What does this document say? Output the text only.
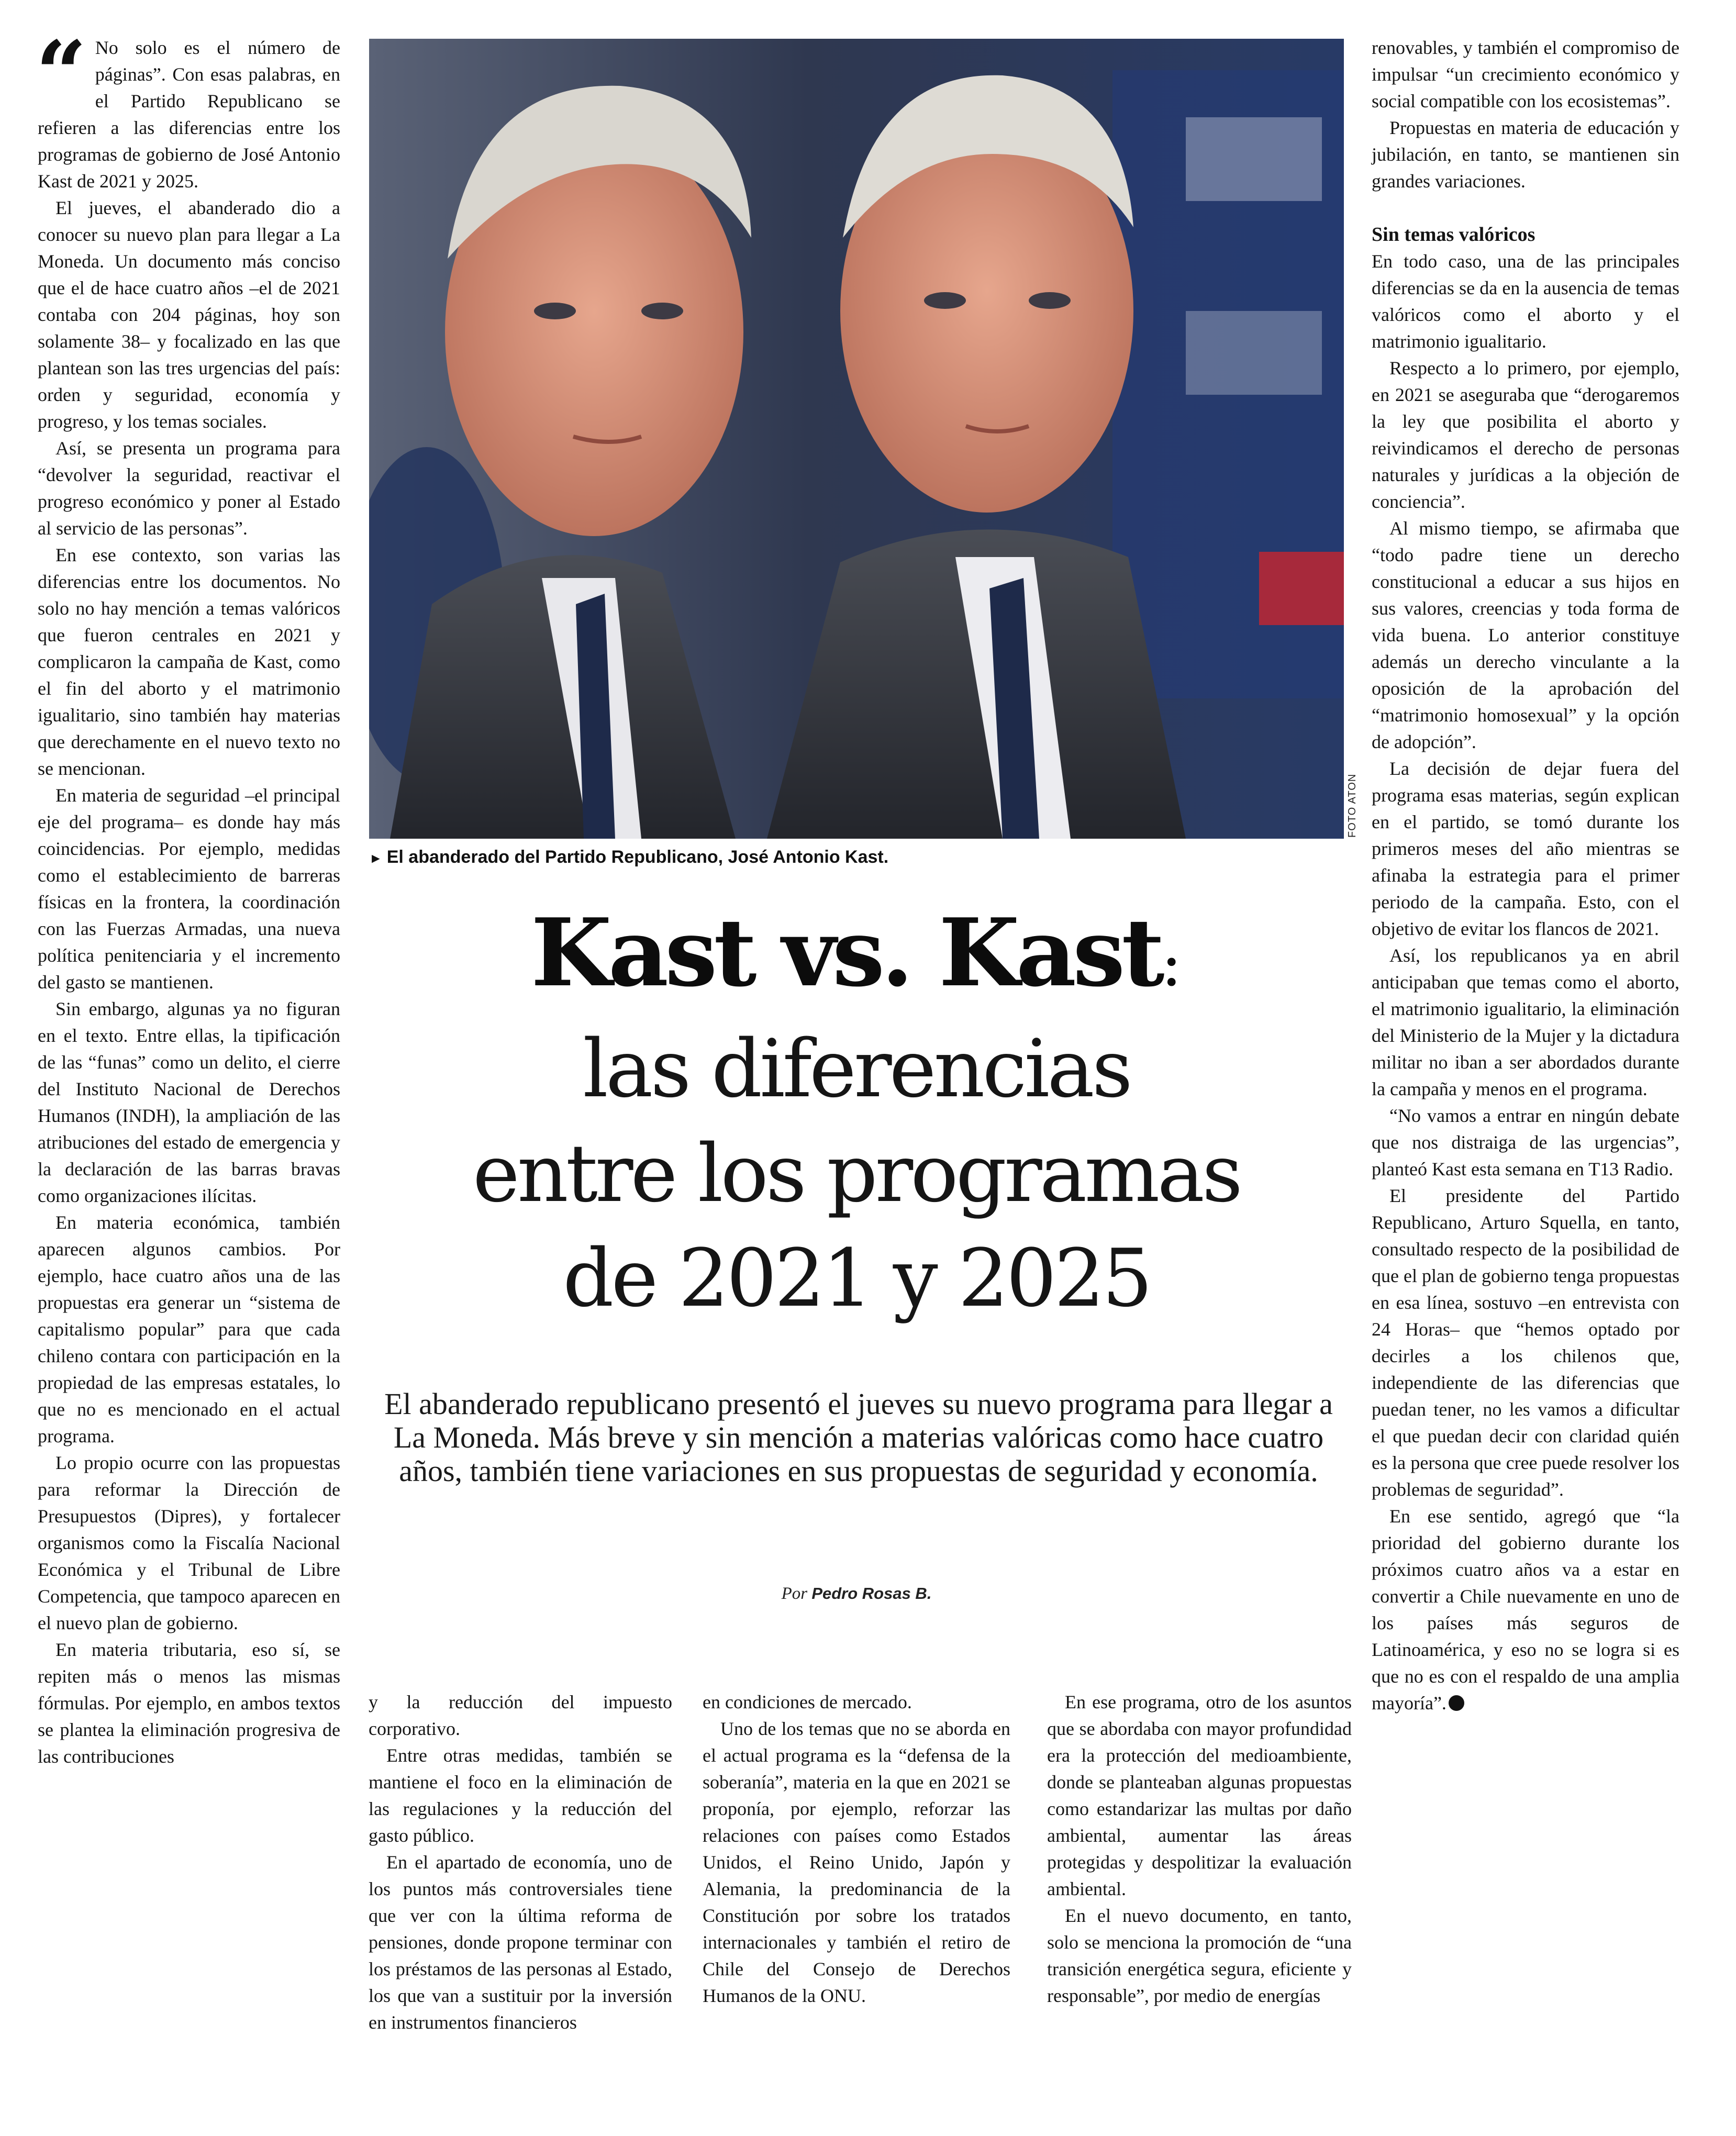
“ No solo es el número de páginas”. Con esas palabras, en el Partido Republicano se refieren a las diferencias entre los programas de gobierno de José Antonio Kast de 2021 y 2025.

El jueves, el abanderado dio a conocer su nuevo plan para llegar a La Moneda. Un documento más conciso que el de hace cuatro años –el de 2021 contaba con 204 páginas, hoy son solamente 38– y focalizado en las que plantean son las tres urgencias del país: orden y seguridad, economía y progreso, y los temas sociales.

Así, se presenta un programa para “devolver la seguridad, reactivar el progreso económico y poner al Estado al servicio de las personas”.

En ese contexto, son varias las diferencias entre los documentos. No solo no hay mención a temas valóricos que fueron centrales en 2021 y complicaron la campaña de Kast, como el fin del aborto y el matrimonio igualitario, sino también hay materias que derechamente en el nuevo texto no se mencionan.

En materia de seguridad –el principal eje del programa– es donde hay más coincidencias. Por ejemplo, medidas como el establecimiento de barreras físicas en la frontera, la coordinación con las Fuerzas Armadas, una nueva política penitenciaria y el incremento del gasto se mantienen.

Sin embargo, algunas ya no figuran en el texto. Entre ellas, la tipificación de las “funas” como un delito, el cierre del Instituto Nacional de Derechos Humanos (INDH), la ampliación de las atribuciones del estado de emergencia y la declaración de las barras bravas como organizaciones ilícitas.

En materia económica, también aparecen algunos cambios. Por ejemplo, hace cuatro años una de las propuestas era generar un “sistema de capitalismo popular” para que cada chileno contara con participación en la propiedad de las empresas estatales, lo que no es mencionado en el actual programa.

Lo propio ocurre con las propuestas para reformar la Dirección de Presupuestos (Dipres), y fortalecer organismos como la Fiscalía Nacional Económica y el Tribunal de Libre Competencia, que tampoco aparecen en el nuevo plan de gobierno.

En materia tributaria, eso sí, se repiten más o menos las mismas fórmulas. Por ejemplo, en ambos textos se plantea la eliminación progresiva de las contribuciones

FOTO ATON
► El abanderado del Partido Republicano, José Antonio Kast.
Kast vs. Kast:
las diferencias
entre los programas
de 2021 y 2025
El abanderado republicano presentó el jueves su nuevo programa para llegar a La Moneda. Más breve y sin mención a materias valóricas como hace cuatro años, también tiene variaciones en sus propuestas de seguridad y economía.
Por Pedro Rosas B.

y la reducción del impuesto corporativo.

Entre otras medidas, también se mantiene el foco en la eliminación de las regulaciones y la reducción del gasto público.

En el apartado de economía, uno de los puntos más controversiales tiene que ver con la última reforma de pensiones, donde propone terminar con los préstamos de las personas al Estado, los que van a sustituir por la inversión en instrumentos financieros

en condiciones de mercado.

Uno de los temas que no se aborda en el actual programa es la “defensa de la soberanía”, materia en la que en 2021 se proponía, por ejemplo, reforzar las relaciones con países como Estados Unidos, el Reino Unido, Japón y Alemania, la predominancia de la Constitución por sobre los tratados internacionales y también el retiro de Chile del Consejo de Derechos Humanos de la ONU.

En ese programa, otro de los asuntos que se abordaba con mayor profundidad era la protección del medioambiente, donde se planteaban algunas propuestas como estandarizar las multas por daño ambiental, aumentar las áreas protegidas y despolitizar la evaluación ambiental.

En el nuevo documento, en tanto, solo se menciona la promoción de “una transición energética segura, eficiente y responsable”, por medio de energías

renovables, y también el compromiso de impulsar “un crecimiento económico y social compatible con los ecosistemas”.

Propuestas en materia de educación y jubilación, en tanto, se mantienen sin grandes variaciones.

Sin temas valóricos

En todo caso, una de las principales diferencias se da en la ausencia de temas valóricos como el aborto y el matrimonio igualitario.

Respecto a lo primero, por ejemplo, en 2021 se aseguraba que “derogaremos la ley que posibilita el aborto y reivindicamos el derecho de personas naturales y jurídicas a la objeción de conciencia”.

Al mismo tiempo, se afirmaba que “todo padre tiene un derecho constitucional a educar a sus hijos en sus valores, creencias y toda forma de vida buena. Lo anterior constituye además un derecho vinculante a la oposición de la aprobación del “matrimonio homosexual” y la opción de adopción”.

La decisión de dejar fuera del programa esas materias, según explican en el partido, se tomó durante los primeros meses del año mientras se afinaba la estrategia para el primer periodo de la campaña. Esto, con el objetivo de evitar los flancos de 2021.

Así, los republicanos ya en abril anticipaban que temas como el aborto, el matrimonio igualitario, la eliminación del Ministerio de la Mujer y la dictadura militar no iban a ser abordados durante la campaña y menos en el programa.

“No vamos a entrar en ningún debate que nos distraiga de las urgencias”, planteó Kast esta semana en T13 Radio.

El presidente del Partido Republicano, Arturo Squella, en tanto, consultado respecto de la posibilidad de que el plan de gobierno tenga propuestas en esa línea, sostuvo –en entrevista con 24 Horas– que “hemos optado por decirles a los chilenos que, independiente de las diferencias que puedan tener, no les vamos a dificultar el que puedan decir con claridad quién es la persona que cree puede resolver los problemas de seguridad”.

En ese sentido, agregó que “la prioridad del gobierno durante los próximos cuatro años va a estar en convertir a Chile nuevamente en uno de los países más seguros de Latinoamérica, y eso no se logra si es que no es con el respaldo de una amplia mayoría”.
